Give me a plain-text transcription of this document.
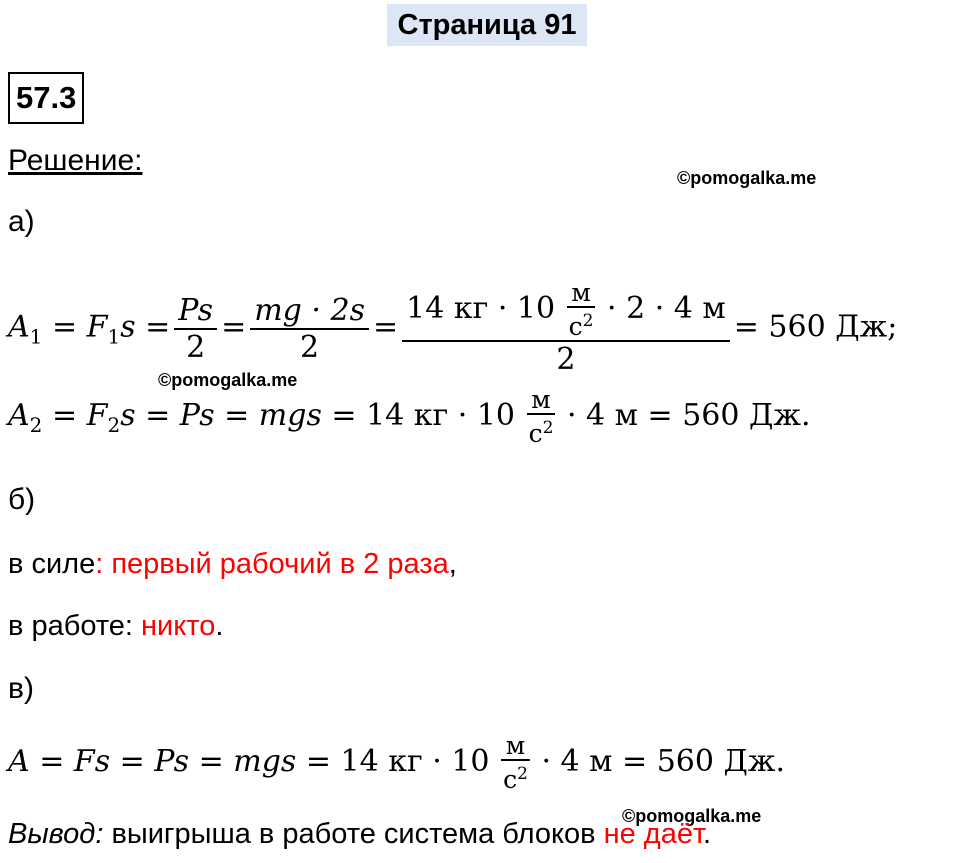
Страница 91
57.3
Решение:
©pomogalka.me
а)
$A_1 = F_1s = \frac{Ps}{2} = \frac{mg \cdot 2s}{2} = 14$ кг · 10 м
$с^2 \cdot 2 \cdot 4$ м
2 = 560 Дж;
©pomogalka.me
$A_2 = F_2s = Ps$ = mgs = 14 кг · 10 м
$с^2 \cdot 4$ м = 560 Дж.
б)
в силе: первый рабочий в 2 раза,
в работе: никто.
в)
A = Fs = Ps = mgs = 14 кг · 10 м
$с^2 \cdot 4$ м = 560 Дж.
©pomogalka.me
Вывод: выигрыша в работе система блоков не даёт.
